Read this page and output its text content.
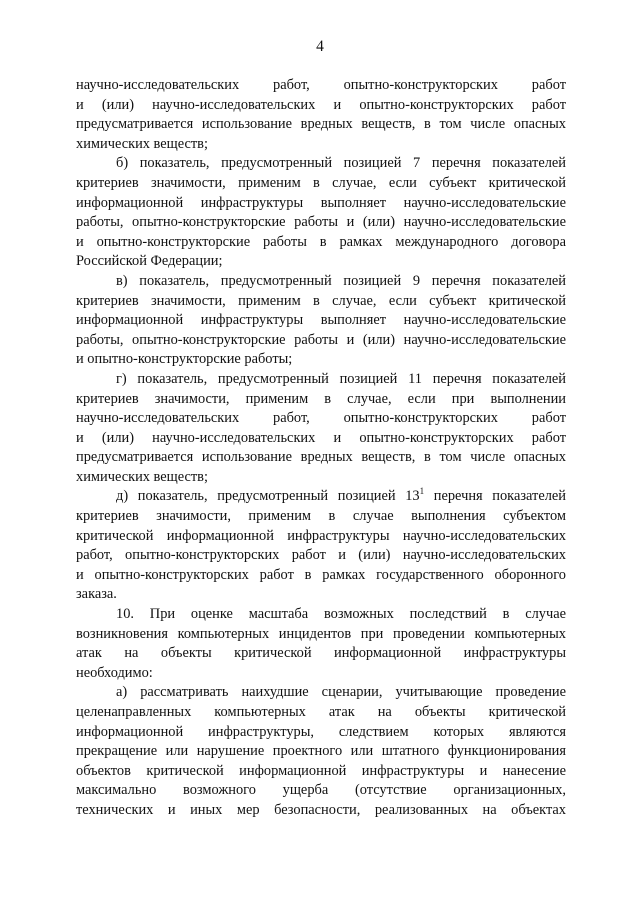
4
научно-исследовательских работ, опытно-конструкторских работ
и (или) научно-исследовательских и опытно-конструкторских работ
предусматривается использование вредных веществ, в том числе опасных
химических веществ;
б) показатель, предусмотренный позицией 7 перечня показателей
критериев значимости, применим в случае, если субъект критической
информационной инфраструктуры выполняет научно-исследовательские
работы, опытно-конструкторские работы и (или) научно-исследовательские
и опытно-конструкторские работы в рамках международного договора
Российской Федерации;
в) показатель, предусмотренный позицией 9 перечня показателей
критериев значимости, применим в случае, если субъект критической
информационной инфраструктуры выполняет научно-исследовательские
работы, опытно-конструкторские работы и (или) научно-исследовательские
и опытно-конструкторские работы;
г) показатель, предусмотренный позицией 11 перечня показателей
критериев значимости, применим в случае, если при выполнении
научно-исследовательских работ, опытно-конструкторских работ
и (или) научно-исследовательских и опытно-конструкторских работ
предусматривается использование вредных веществ, в том числе опасных
химических веществ;
д) показатель, предусмотренный позицией $13^1$ перечня показателей
критериев значимости, применим в случае выполнения субъектом
критической информационной инфраструктуры научно-исследовательских
работ, опытно-конструкторских работ и (или) научно-исследовательских
и опытно-конструкторских работ в рамках государственного оборонного
заказа.
10. При оценке масштаба возможных последствий в случае
возникновения компьютерных инцидентов при проведении компьютерных
атак на объекты критической информационной инфраструктуры
необходимо:
а) рассматривать наихудшие сценарии, учитывающие проведение
целенаправленных компьютерных атак на объекты критической
информационной инфраструктуры, следствием которых являются
прекращение или нарушение проектного или штатного функционирования
объектов критической информационной инфраструктуры и нанесение
максимально возможного ущерба (отсутствие организационных,
технических и иных мер безопасности, реализованных на объектах
